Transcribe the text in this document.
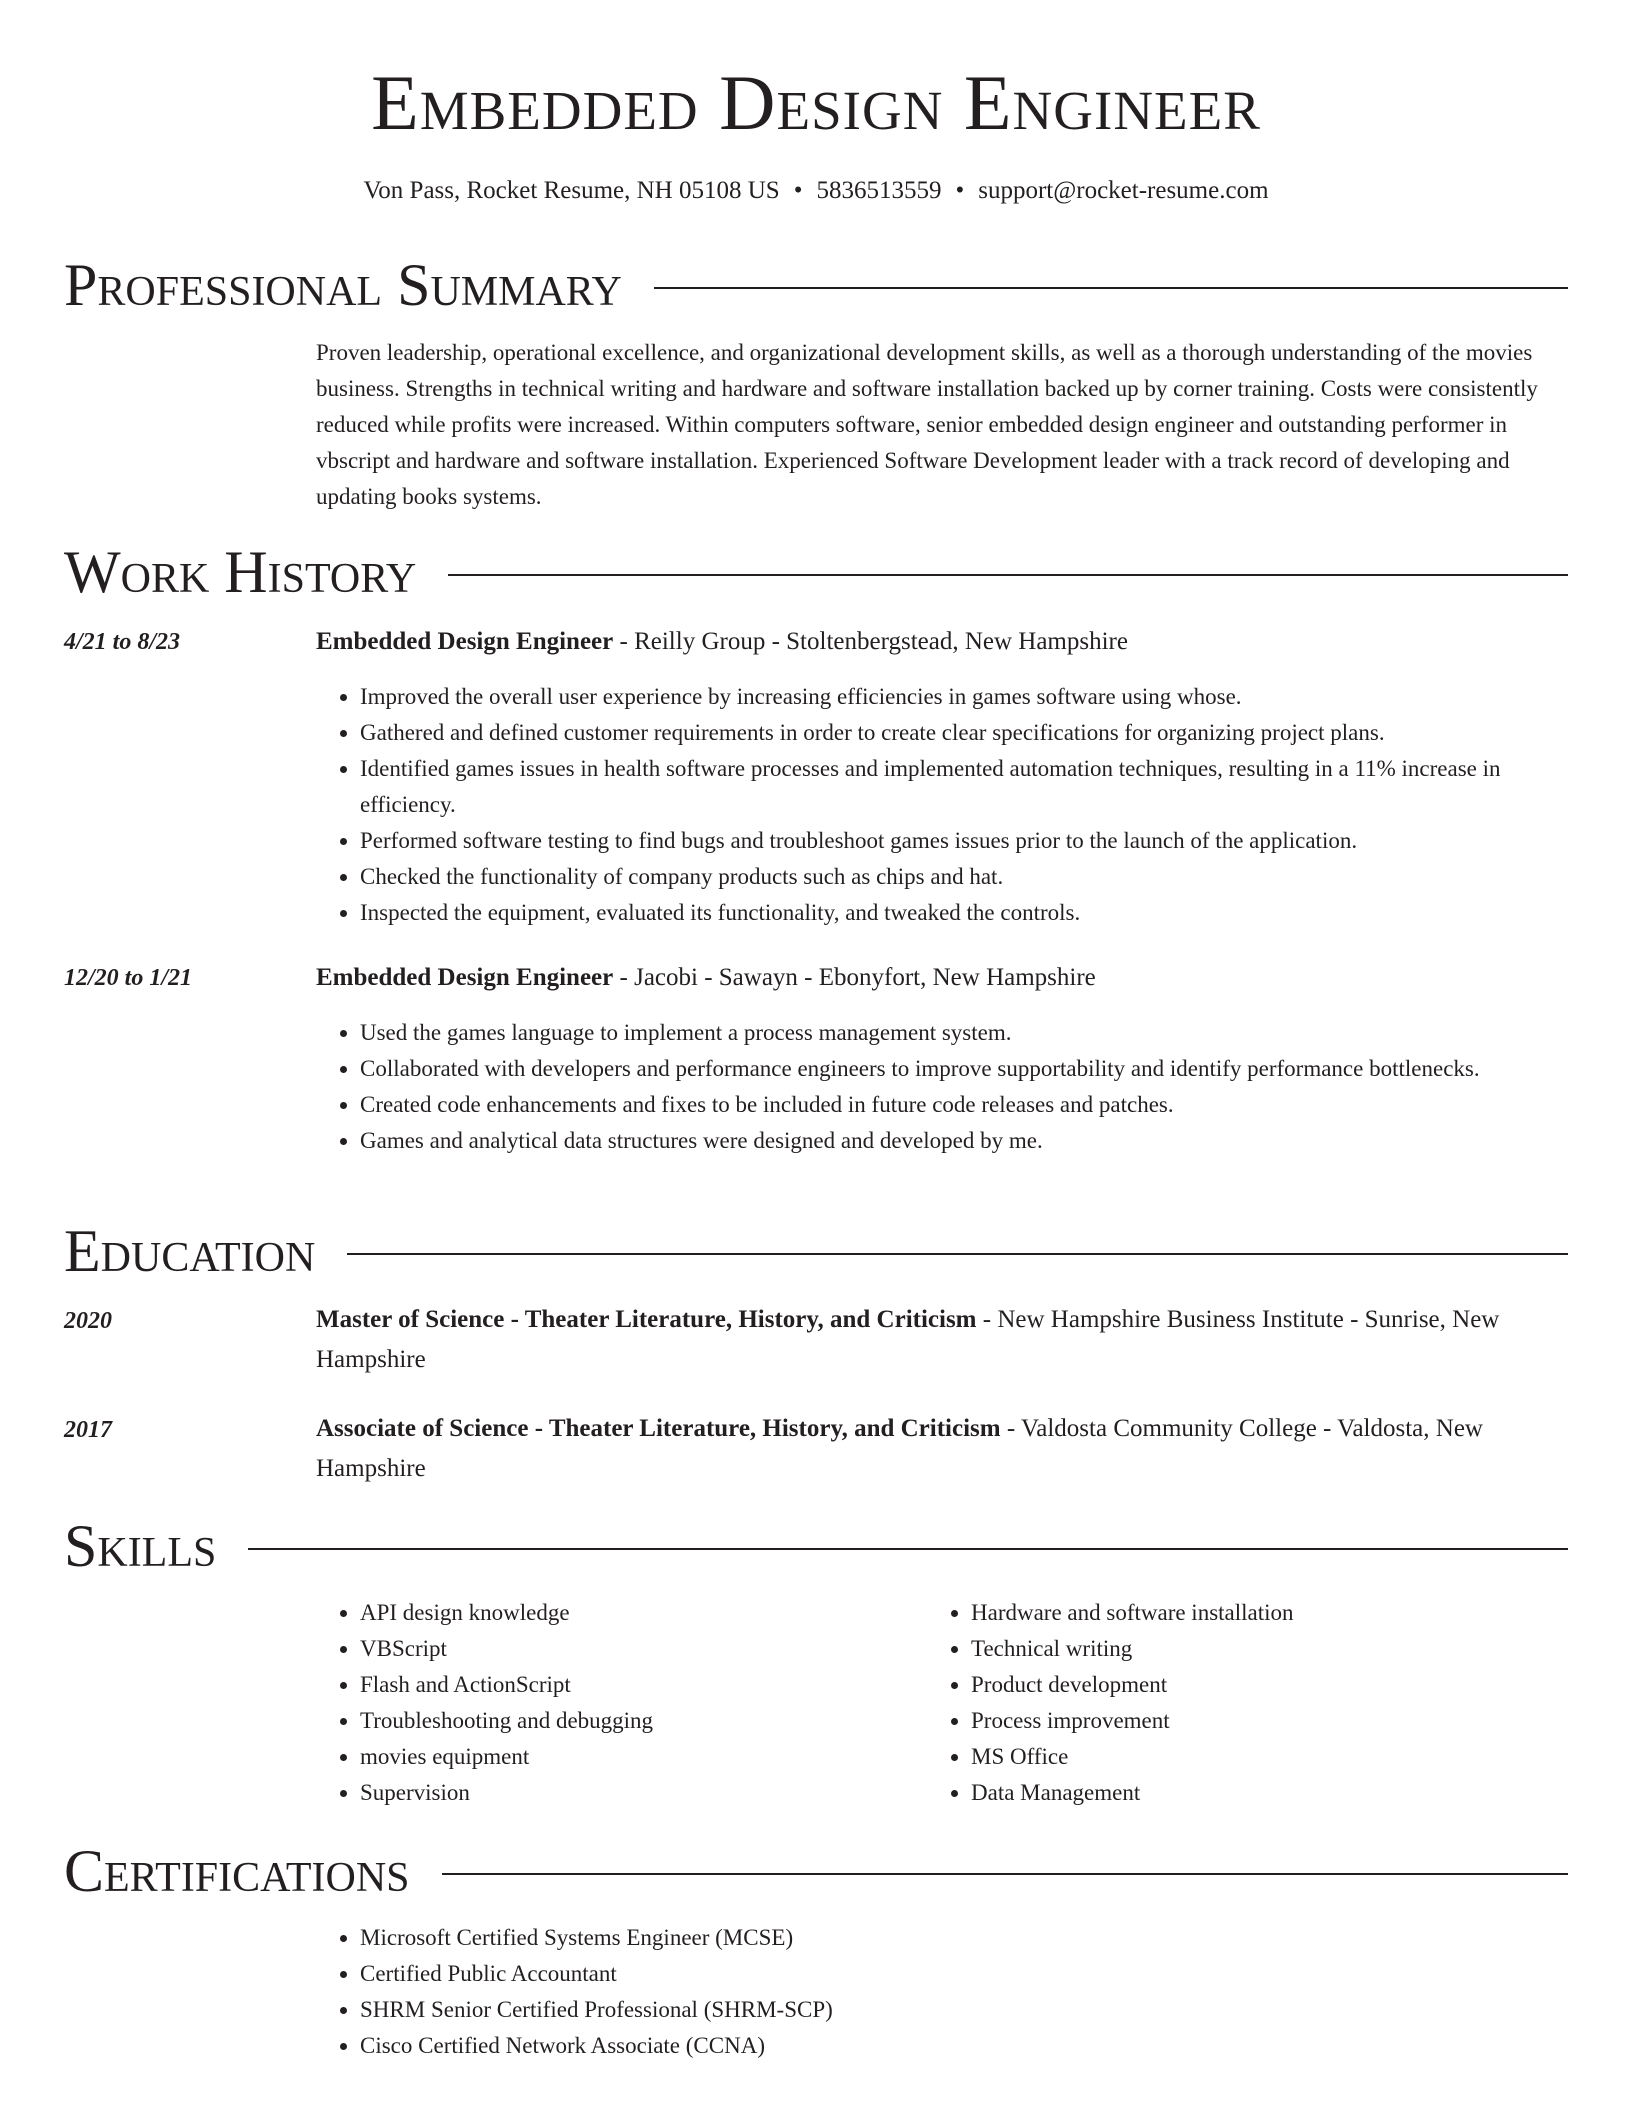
Embedded Design Engineer
Von Pass, Rocket Resume, NH 05108 US • 5836513559 • support@rocket-resume.com
Professional Summary

Proven leadership, operational excellence, and organizational development skills, as well as a thorough understanding of the movies business. Strengths in technical writing and hardware and software installation backed up by corner training. Costs were consistently reduced while profits were increased. Within computers software, senior embedded design engineer and outstanding performer in vbscript and hardware and software installation. Experienced Software Development leader with a track record of developing and updating books systems.

Work History
4/21 to 8/23	Embedded Design Engineer - Reilly Group - Stoltenbergstead, New Hampshire
• Improved the overall user experience by increasing efficiencies in games software using whose.
• Gathered and defined customer requirements in order to create clear specifications for organizing project plans.
• Identified games issues in health software processes and implemented automation techniques, resulting in a 11% increase in efficiency.
• Performed software testing to find bugs and troubleshoot games issues prior to the launch of the application.
• Checked the functionality of company products such as chips and hat.
• Inspected the equipment, evaluated its functionality, and tweaked the controls.
12/20 to 1/21	Embedded Design Engineer - Jacobi - Sawayn - Ebonyfort, New Hampshire
• Used the games language to implement a process management system.
• Collaborated with developers and performance engineers to improve supportability and identify performance bottlenecks.
• Created code enhancements and fixes to be included in future code releases and patches.
• Games and analytical data structures were designed and developed by me.
Education
2020	Master of Science - Theater Literature, History, and Criticism - New Hampshire Business Institute - Sunrise, New Hampshire
2017	Associate of Science - Theater Literature, History, and Criticism - Valdosta Community College - Valdosta, New Hampshire
Skills
• API design knowledge
• VBScript
• Flash and ActionScript
• Troubleshooting and debugging
• movies equipment
• Supervision
• Hardware and software installation
• Technical writing
• Product development
• Process improvement
• MS Office
• Data Management
Certifications
• Microsoft Certified Systems Engineer (MCSE)
• Certified Public Accountant
• SHRM Senior Certified Professional (SHRM-SCP)
• Cisco Certified Network Associate (CCNA)
